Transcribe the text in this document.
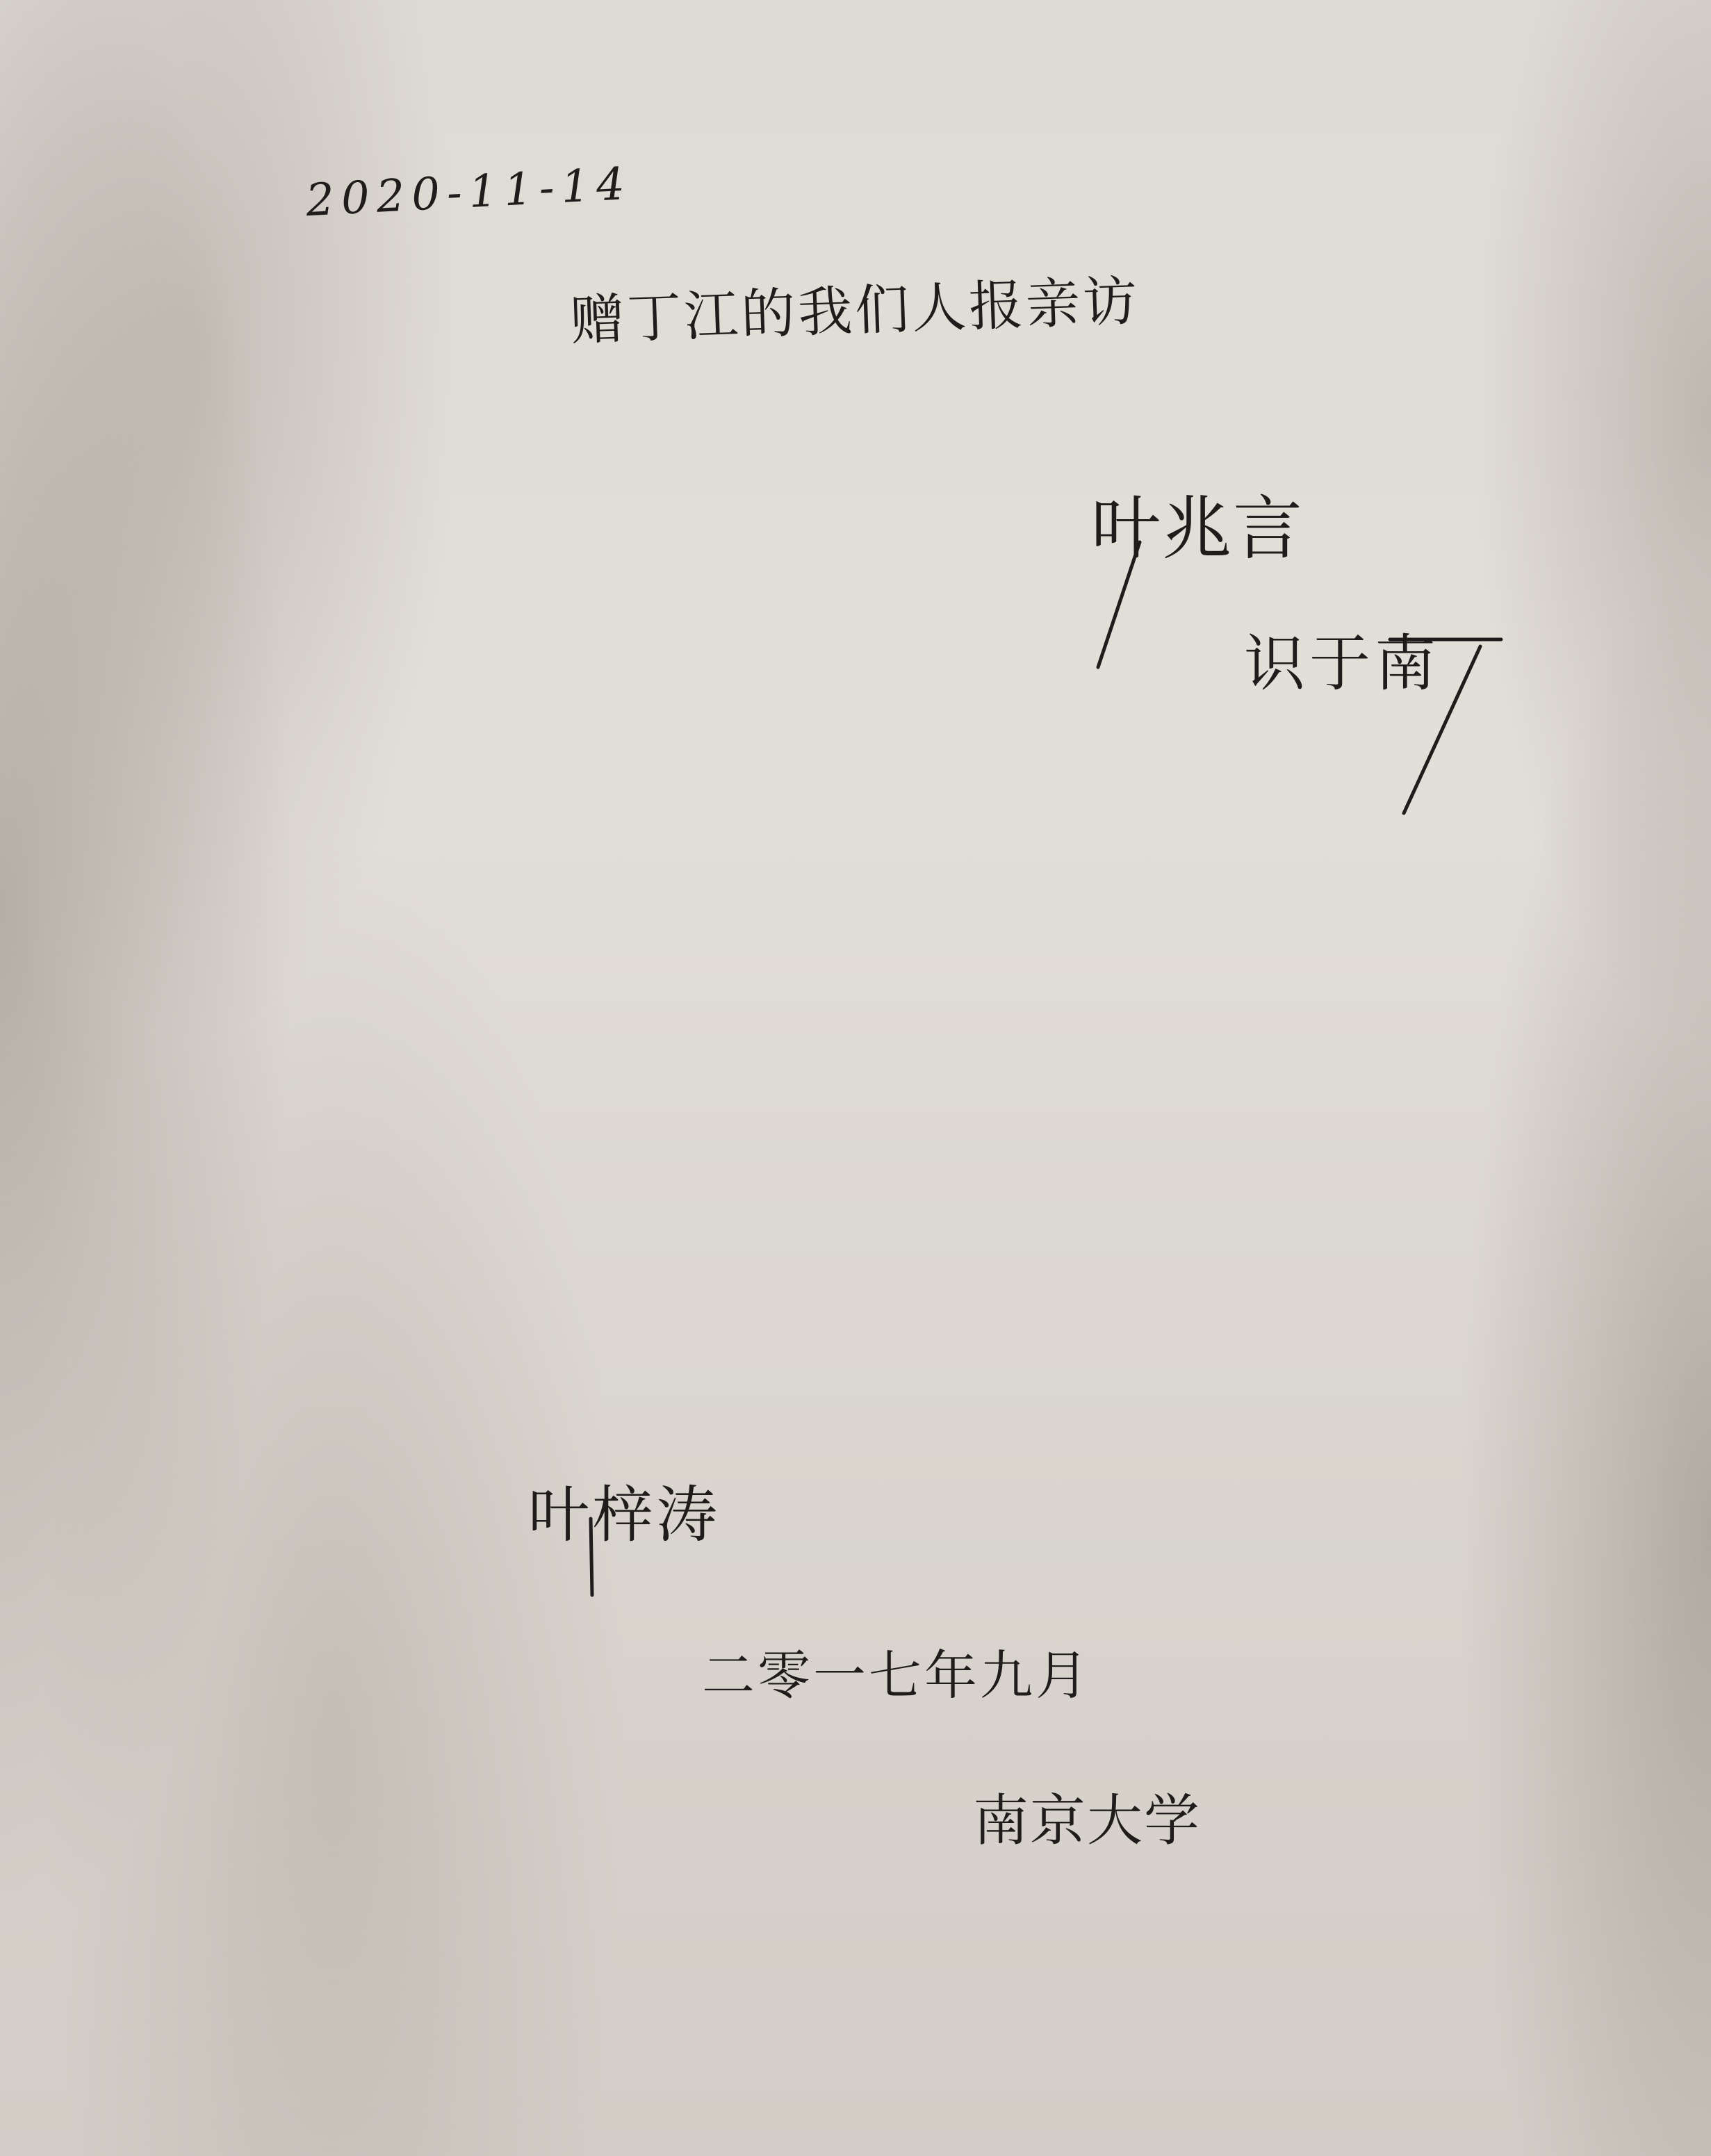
2020-11-14
赠丁江的我们人报亲访
叶兆言
识于南
叶梓涛
二零一七年九月
南京大学
